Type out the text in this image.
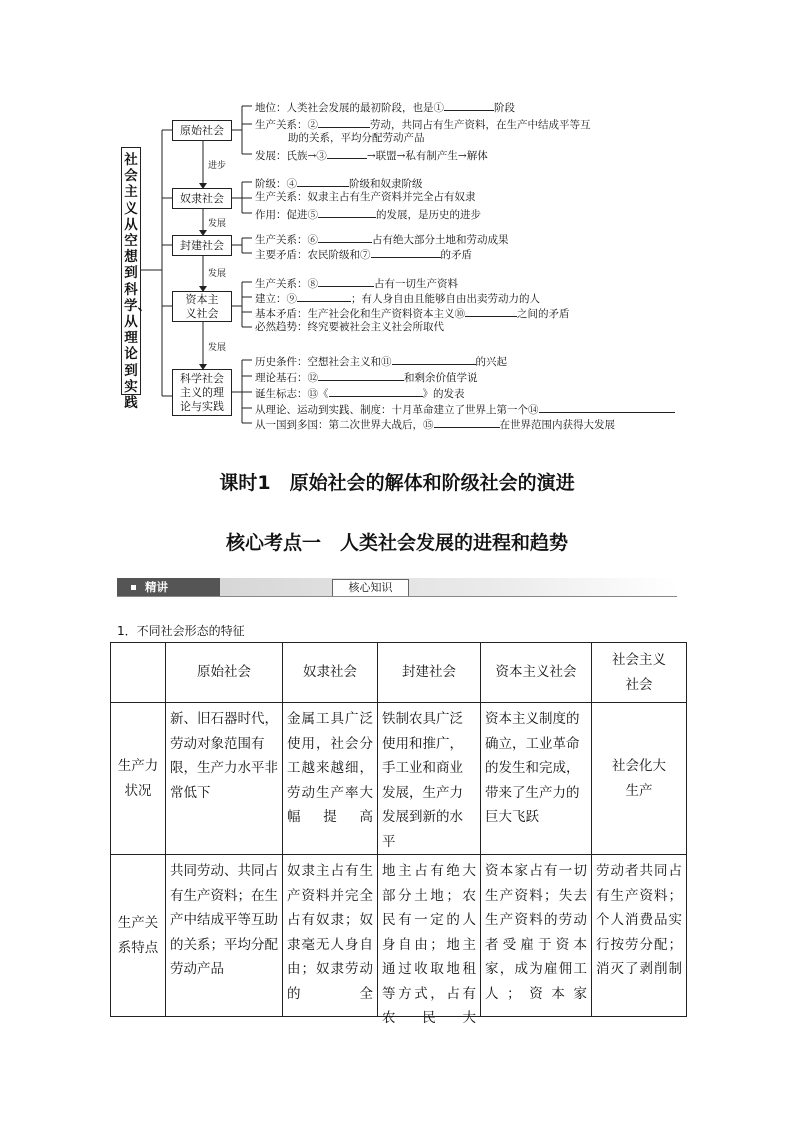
社会主义从空想到科学、从理论到实践
原始社会
奴隶社会
封建社会
资本主义社会
科学社会主义的理论与实践
进步
发展
发展
发展
地位：人类社会发展的最初阶段，也是①	阶段
生产关系：②	劳动，共同占有生产资料，在生产中结成平等互
助的关系，平均分配劳动产品
发展：氏族→③	→联盟→私有制产生→解体
阶级：④	阶级和奴隶阶级
生产关系：奴隶主占有生产资料并完全占有奴隶
作用：促进⑤	的发展，是历史的进步
生产关系：⑥	占有绝大部分土地和劳动成果
主要矛盾：农民阶级和⑦	的矛盾
生产关系：⑧	占有一切生产资料
建立：⑨	；有人身自由且能够自由出卖劳动力的人
基本矛盾：生产社会化和生产资料资本主义⑩	之间的矛盾
必然趋势：终究要被社会主义社会所取代
历史条件：空想社会主义和⑪	的兴起
理论基石：⑫	和剩余价值学说
诞生标志：⑬《	》的发表
从理论、运动到实践、制度：十月革命建立了世界上第一个⑭
从一国到多国：第二次世界大战后，⑮	在世界范围内获得大发展
课时1　原始社会的解体和阶级社会的演进
核心考点一　人类社会发展的进程和趋势
精讲	核心知识
1．不同社会形态的特征
	原始社会	奴隶社会	封建社会	资本主义社会	社会主义社会
生产力状况	新、旧石器时代，劳动对象范围有限，生产力水平非常低下	金属工具广泛使用，社会分工越来越细，劳动生产率大幅提高	铁制农具广泛使用和推广，手工业和商业发展，生产力发展到新的水平	资本主义制度的确立，工业革命的发生和完成，带来了生产力的巨大飞跃	社会化大生产
生产关系特点	共同劳动、共同占有生产资料；在生产中结成平等互助的关系；平均分配劳动产品	奴隶主占有生产资料并完全占有奴隶；奴隶毫无人身自由；奴隶劳动的全	地主占有绝大部分土地；农民有一定的人身自由；地主通过收取地租等方式，占有农民大	资本家占有一切生产资料；失去生产资料的劳动者受雇于资本家，成为雇佣工人；资本家	劳动者共同占有生产资料；个人消费品实行按劳分配；消灭了剥削制
